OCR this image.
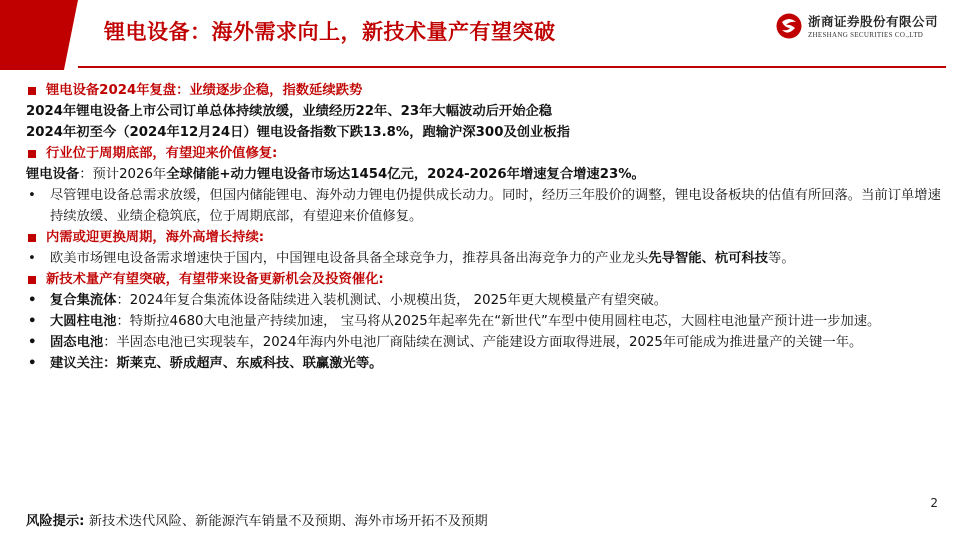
锂电设备：海外需求向上，新技术量产有望突破	浙商证券股份有限公司
ZHESHANG SECURITIES CO.,LTD
锂电设备2024年复盘：业绩逐步企稳，指数延续跌势
2024年锂电设备上市公司订单总体持续放缓，业绩经历22年、23年大幅波动后开始企稳
2024年初至今（2024年12月24日）锂电设备指数下跌13.8%，跑输沪深300及创业板指
行业位于周期底部，有望迎来价值修复:
锂电设备：预计2026年全球储能+动力锂电设备市场达1454亿元，2024-2026年增速复合增速23%。
•	尽管锂电设备总需求放缓，但国内储能锂电、海外动力锂电仍提供成长动力。同时，经历三年股价的调整，锂电设备板块的估值有所回落。当前订单增速持续放缓、业绩企稳筑底，位于周期底部，有望迎来价值修复。
内需或迎更换周期，海外高增长持续:
•	欧美市场锂电设备需求增速快于国内，中国锂电设备具备全球竞争力，推荐具备出海竞争力的产业龙头先导智能、杭可科技等。
新技术量产有望突破，有望带来设备更新机会及投资催化:
•	复合集流体：2024年复合集流体设备陆续进入装机测试、小规模出货， 2025年更大规模量产有望突破。
•	大圆柱电池：特斯拉4680大电池量产持续加速， 宝马将从2025年起率先在“新世代”车型中使用圆柱电芯，大圆柱电池量产预计进一步加速。
•	固态电池：半固态电池已实现装车，2024年海内外电池厂商陆续在测试、产能建设方面取得进展，2025年可能成为推进量产的关键一年。
•	建议关注：斯莱克、骄成超声、东威科技、联赢激光等。
2
风险提示: 新技术迭代风险、新能源汽车销量不及预期、海外市场开拓不及预期
